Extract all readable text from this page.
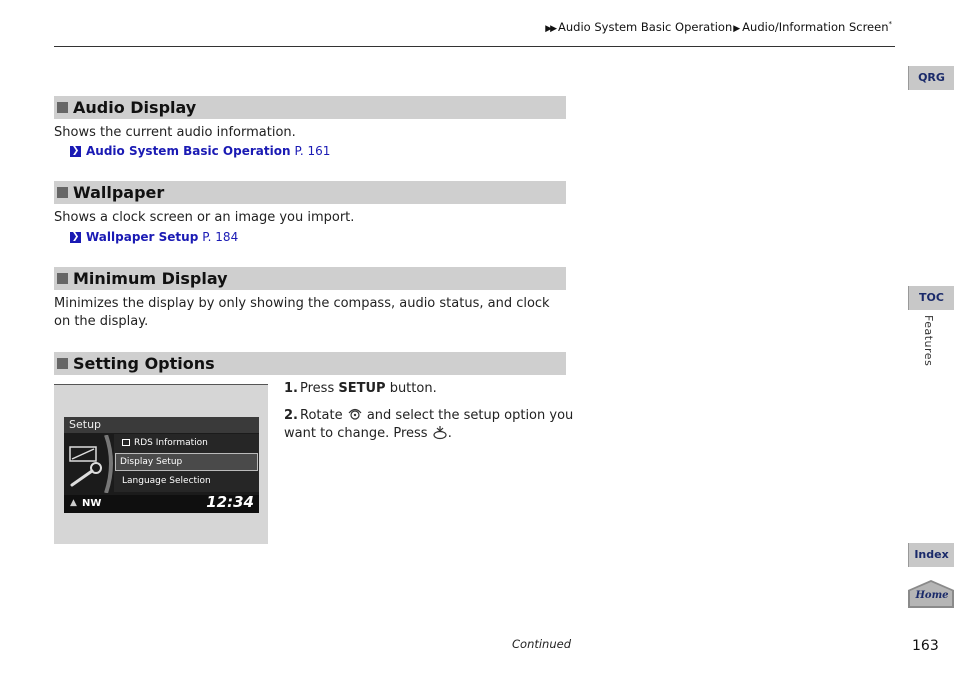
▶▶ Audio System Basic Operation▶ Audio/Information Screen*
Audio Display
Shows the current audio information.
❯ Audio System Basic Operation P. 161
Wallpaper
Shows a clock screen or an image you import.
❯ Wallpaper Setup P. 184
Minimum Display
Minimizes the display by only showing the compass, audio status, and clock on the display.
Setting Options
Setup
RDS Information
Display Setup
Language Selection
▲ NW	12:34
1. Press SETUP button.
2. Rotate  and select the setup option you want to change. Press .
QRG
TOC
Features
Index
Home
Continued	163
